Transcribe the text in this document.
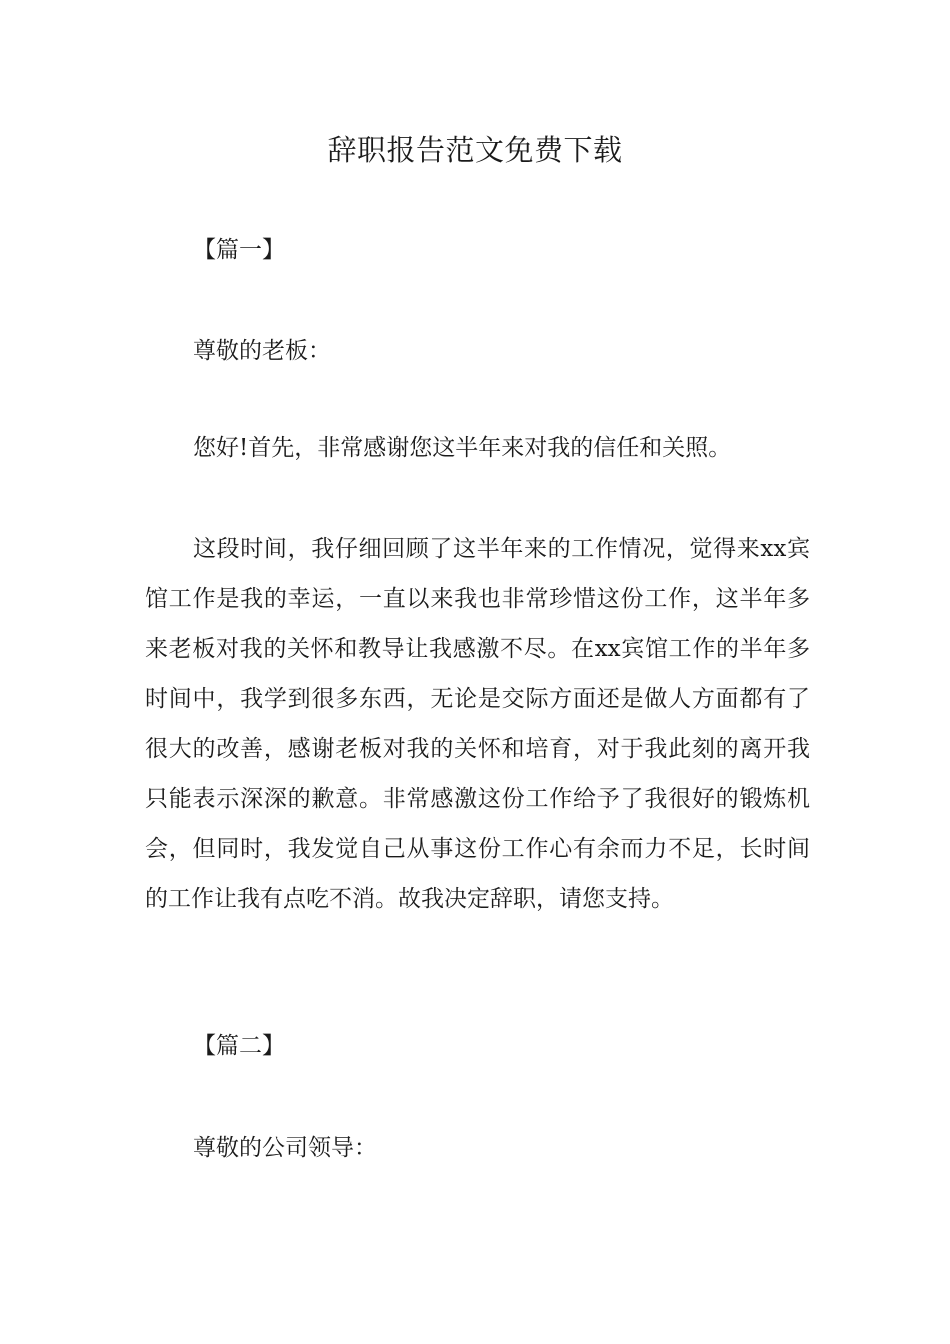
辞职报告范文免费下载

【篇一】

尊敬的老板：

您好!首先，非常感谢您这半年来对我的信任和关照。

这段时间，我仔细回顾了这半年来的工作情况，觉得来xx宾馆工作是我的幸运，一直以来我也非常珍惜这份工作，这半年多来老板对我的关怀和教导让我感激不尽。在xx宾馆工作的半年多时间中，我学到很多东西，无论是交际方面还是做人方面都有了很大的改善，感谢老板对我的关怀和培育，对于我此刻的离开我只能表示深深的歉意。非常感激这份工作给予了我很好的锻炼机会，但同时，我发觉自己从事这份工作心有余而力不足，长时间的工作让我有点吃不消。故我决定辞职，请您支持。

【篇二】

尊敬的公司领导：
